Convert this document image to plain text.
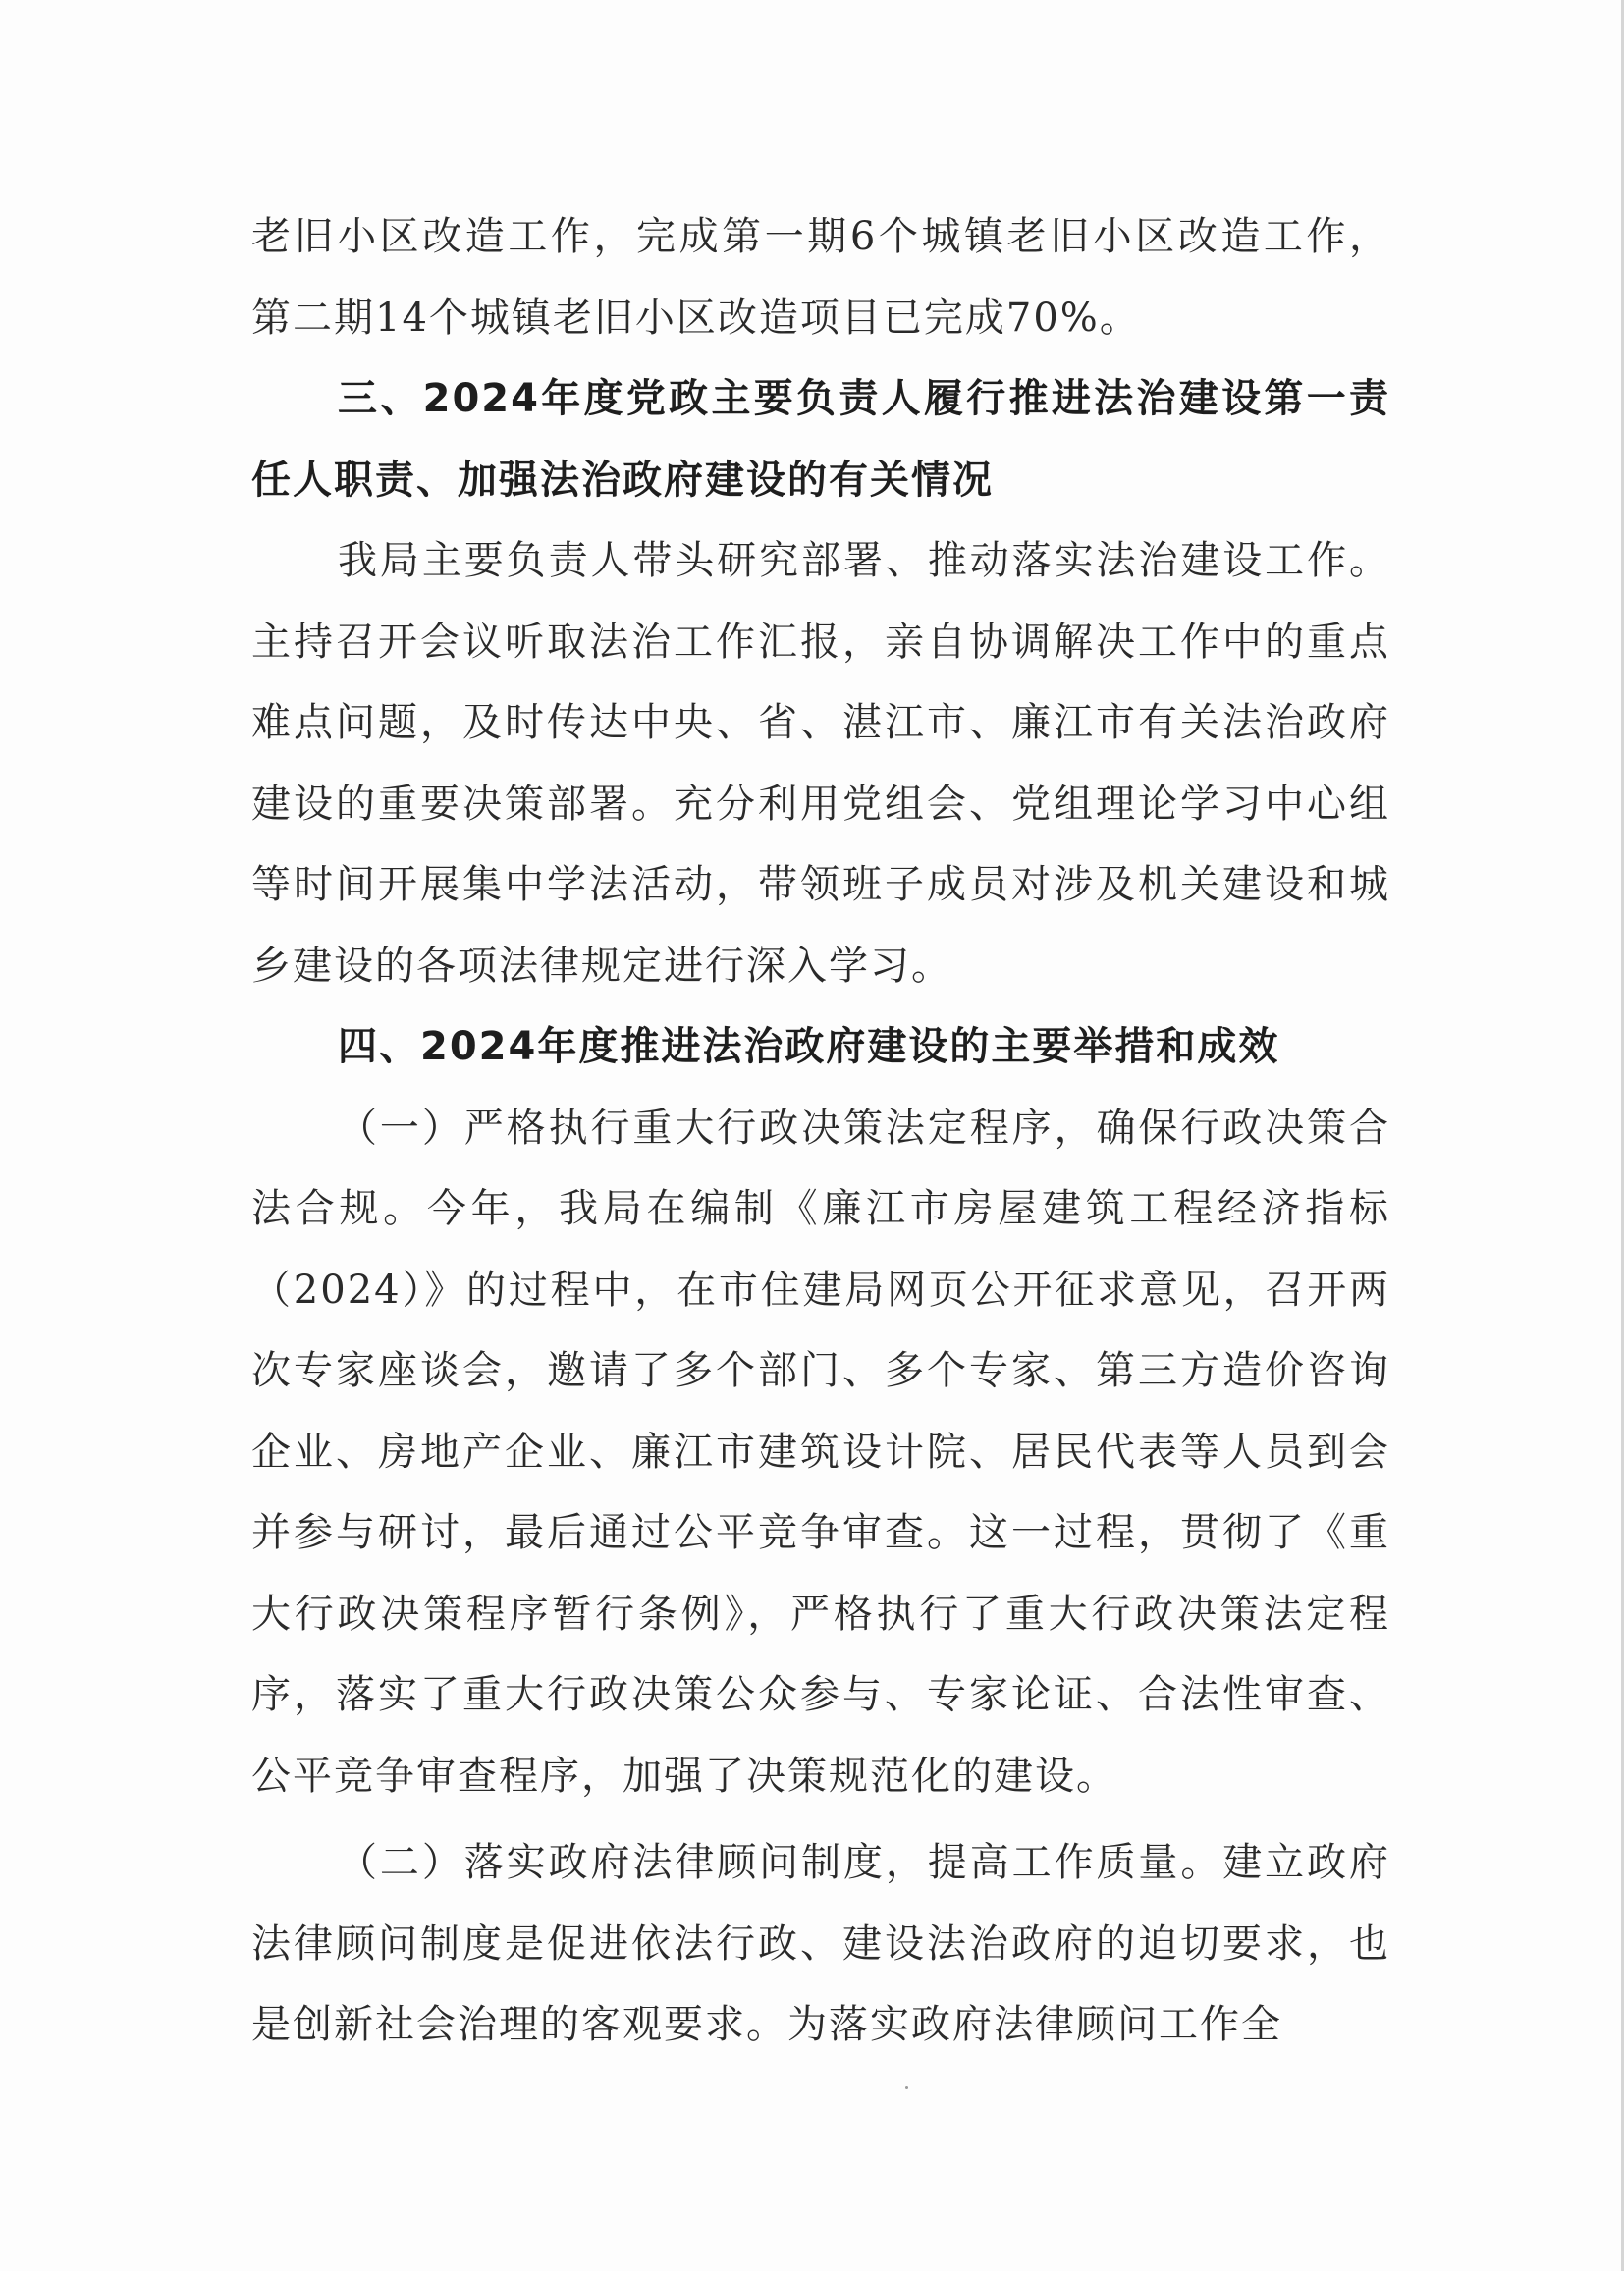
老旧小区改造工作，完成第一期6个城镇老旧小区改造工作，第二期14个城镇老旧小区改造项目已完成70%。

三、2024年度党政主要负责人履行推进法治建设第一责任人职责、加强法治政府建设的有关情况

我局主要负责人带头研究部署、推动落实法治建设工作。主持召开会议听取法治工作汇报，亲自协调解决工作中的重点难点问题，及时传达中央、省、湛江市、廉江市有关法治政府建设的重要决策部署。充分利用党组会、党组理论学习中心组等时间开展集中学法活动，带领班子成员对涉及机关建设和城乡建设的各项法律规定进行深入学习。

四、2024年度推进法治政府建设的主要举措和成效

（一）严格执行重大行政决策法定程序，确保行政决策合法合规。今年，我局在编制《廉江市房屋建筑工程经济指标（2024）》的过程中，在市住建局网页公开征求意见，召开两次专家座谈会，邀请了多个部门、多个专家、第三方造价咨询企业、房地产企业、廉江市建筑设计院、居民代表等人员到会并参与研讨，最后通过公平竞争审查。这一过程，贯彻了《重大行政决策程序暂行条例》，严格执行了重大行政决策法定程序，落实了重大行政决策公众参与、专家论证、合法性审查、公平竞争审查程序，加强了决策规范化的建设。

（二）落实政府法律顾问制度，提高工作质量。建立政府法律顾问制度是促进依法行政、建设法治政府的迫切要求，也是创新社会治理的客观要求。为落实政府法律顾问工作全
